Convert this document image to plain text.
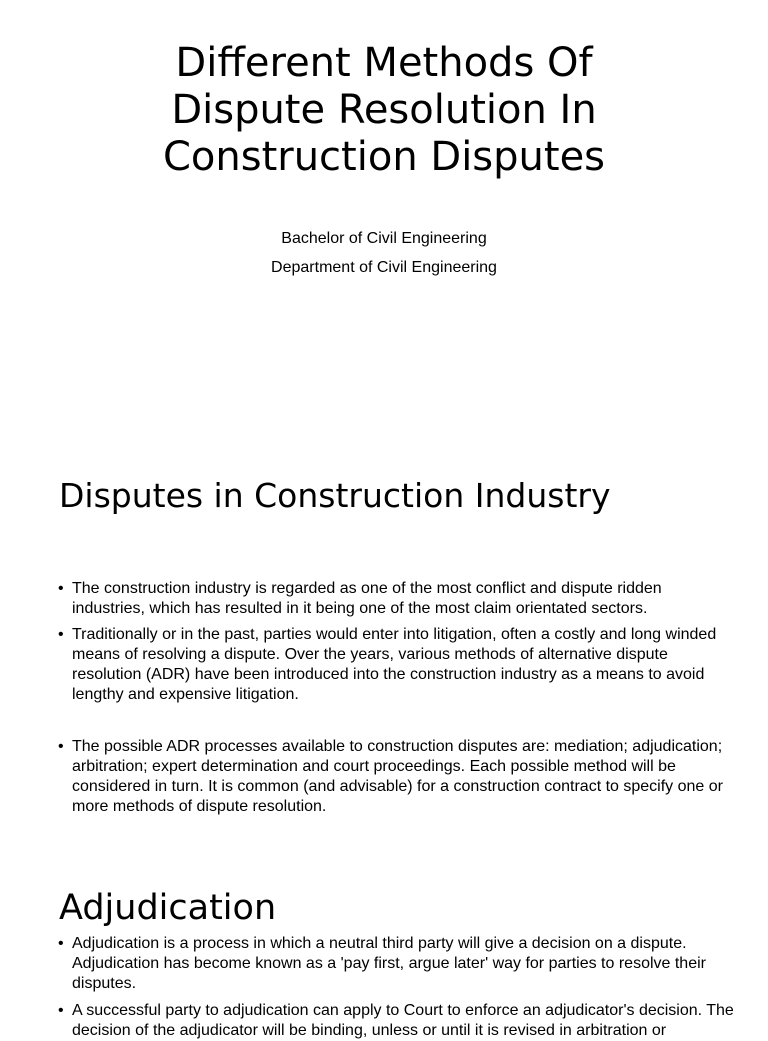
Different Methods Of
Dispute Resolution In
Construction Disputes

Bachelor of Civil Engineering

Department of Civil Engineering

Disputes in Construction Industry
• The construction industry is regarded as one of the most conflict and dispute ridden industries, which has resulted in it being one of the most claim orientated sectors.
• Traditionally or in the past, parties would enter into litigation, often a costly and long winded means of resolving a dispute. Over the years, various methods of alternative dispute resolution (ADR) have been introduced into the construction industry as a means to avoid lengthy and expensive litigation.
• The possible ADR processes available to construction disputes are: mediation; adjudication; arbitration; expert determination and court proceedings. Each possible method will be considered in turn. It is common (and advisable) for a construction contract to specify one or more methods of dispute resolution.
Adjudication
• Adjudication is a process in which a neutral third party will give a decision on a dispute. Adjudication has become known as a 'pay first, argue later' way for parties to resolve their disputes.
• A successful party to adjudication can apply to Court to enforce an adjudicator's decision. The decision of the adjudicator will be binding, unless or until it is revised in arbitration or
